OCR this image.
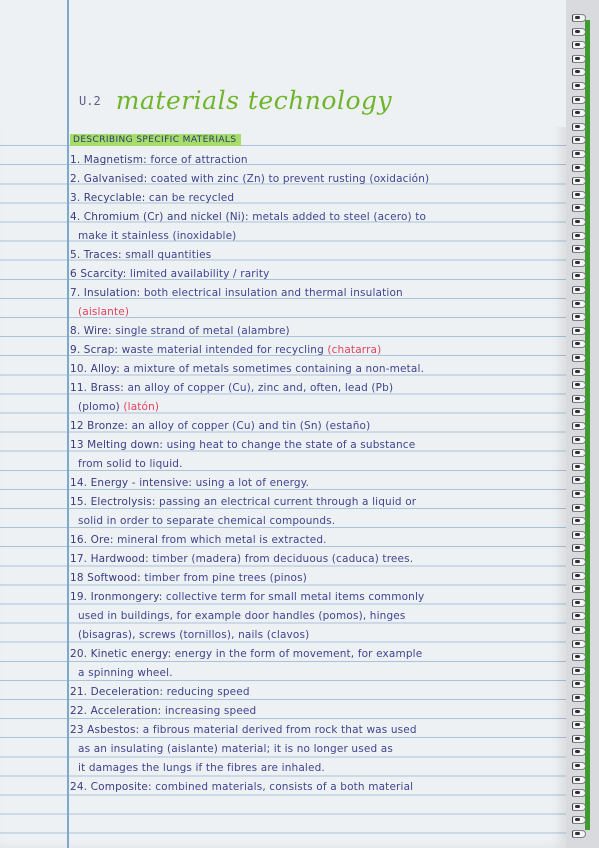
U.2 materials technology
DESCRIBING SPECIFIC MATERIALS
1. Magnetism: force of attraction
2. Galvanised: coated with zinc (Zn) to prevent rusting (oxidación)
3. Recyclable: can be recycled
4. Chromium (Cr) and nickel (Ni): metals added to steel (acero) to
make it stainless (inoxidable)
5. Traces: small quantities
6 Scarcity: limited availability / rarity
7. Insulation: both electrical insulation and thermal insulation
(aislante)
8. Wire: single strand of metal (alambre)
9. Scrap: waste material intended for recycling (chatarra)
10. Alloy: a mixture of metals sometimes containing a non-metal.
11. Brass: an alloy of copper (Cu), zinc and, often, lead (Pb)
(plomo) (latón)
12 Bronze: an alloy of copper (Cu) and tin (Sn) (estaño)
13 Melting down: using heat to change the state of a substance
from solid to liquid.
14. Energy - intensive: using a lot of energy.
15. Electrolysis: passing an electrical current through a liquid or
solid in order to separate chemical compounds.
16. Ore: mineral from which metal is extracted.
17. Hardwood: timber (madera) from deciduous (caduca) trees.
18 Softwood: timber from pine trees (pinos)
19. Ironmongery: collective term for small metal items commonly
used in buildings, for example door handles (pomos), hinges
(bisagras), screws (tornillos), nails (clavos)
20. Kinetic energy: energy in the form of movement, for example
a spinning wheel.
21. Deceleration: reducing speed
22. Acceleration: increasing speed
23 Asbestos: a fibrous material derived from rock that was used
as an insulating (aislante) material; it is no longer used as
it damages the lungs if the fibres are inhaled.
24. Composite: combined materials, consists of a both material
